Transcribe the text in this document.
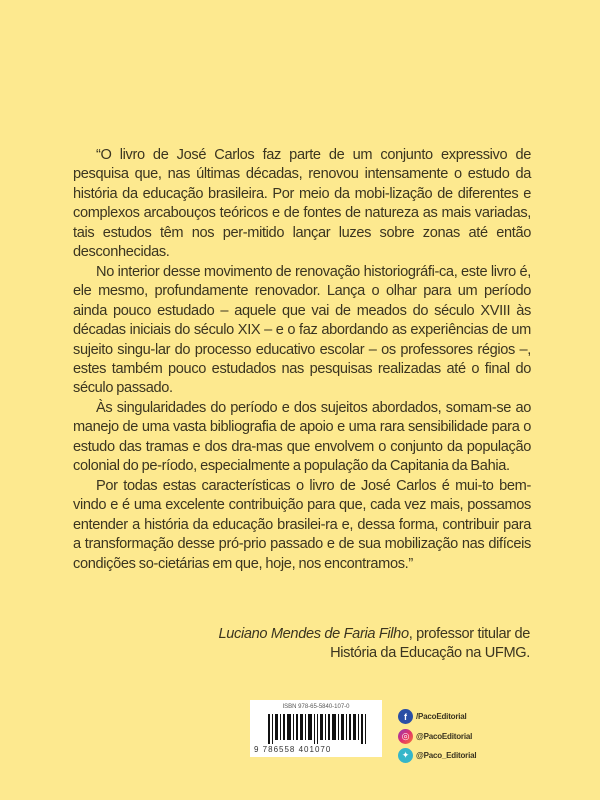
“O livro de José Carlos faz parte de um conjunto expressivo de pesquisa que, nas últimas décadas, renovou intensamente o estudo da história da educação brasileira. Por meio da mobi-lização de diferentes e complexos arcabouços teóricos e de fontes de natureza as mais variadas, tais estudos têm nos per-mitido lançar luzes sobre zonas até então desconhecidas.

No interior desse movimento de renovação historiográfi-ca, este livro é, ele mesmo, profundamente renovador. Lança o olhar para um período ainda pouco estudado – aquele que vai de meados do século XVIII às décadas iniciais do século XIX – e o faz abordando as experiências de um sujeito singu-lar do processo educativo escolar – os professores régios –, estes também pouco estudados nas pesquisas realizadas até o final do século passado.

Às singularidades do período e dos sujeitos abordados, somam-se ao manejo de uma vasta bibliografia de apoio e uma rara sensibilidade para o estudo das tramas e dos dra-mas que envolvem o conjunto da população colonial do pe-ríodo, especialmente a população da Capitania da Bahia.

Por todas estas características o livro de José Carlos é mui-to bem-vindo e é uma excelente contribuição para que, cada vez mais, possamos entender a história da educação brasilei-ra e, dessa forma, contribuir para a transformação desse pró-prio passado e de sua mobilização nas difíceis condições so-cietárias em que, hoje, nos encontramos.”

Luciano Mendes de Faria Filho, professor titular de
História da Educação na UFMG.
ISBN 978-65-5840-107-0
9 786558 401070
f	/PacoEditorial
◎ @PacoEditorial
✦ @Paco_Editorial
